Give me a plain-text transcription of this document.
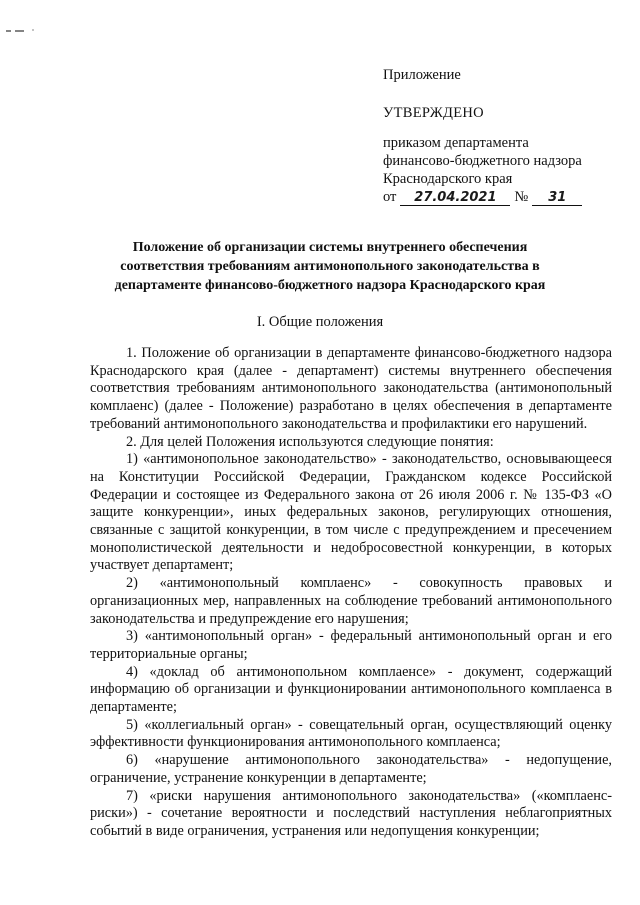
Приложение
УТВЕРЖДЕНО
приказом департамента
финансово-бюджетного надзора
Краснодарского края
от	27.04.2021	№	31
Положение об организации системы внутреннего обеспечения
соответствия требованиям антимонопольного законодательства в
департаменте финансово-бюджетного надзора Краснодарского края
I. Общие положения

1. Положение об организации в департаменте финансово-бюджетного надзора Краснодарского края (далее - департамент) системы внутреннего обеспечения соответствия требованиям антимонопольного законодательства (антимонопольный комплаенс) (далее - Положение) разработано в целях обеспечения в департаменте требований антимонопольного законодательства и профилактики его нарушений.

2. Для целей Положения используются следующие понятия:

1) «антимонопольное законодательство» - законодательство, основывающееся на Конституции Российской Федерации, Гражданском кодексе Российской Федерации и состоящее из Федерального закона от 26 июля 2006 г. № 135-ФЗ «О защите конкуренции», иных федеральных законов, регулирующих отношения, связанные с защитой конкуренции, в том числе с предупреждением и пресечением монополистической деятельности и недобросовестной конкуренции, в которых участвует департамент;

2) «антимонопольный комплаенс» - совокупность правовых и организационных мер, направленных на соблюдение требований антимонопольного законодательства и предупреждение его нарушения;

3) «антимонопольный орган» - федеральный антимонопольный орган и его территориальные органы;

4) «доклад об антимонопольном комплаенсе» - документ, содержащий информацию об организации и функционировании антимонопольного комплаенса в департаменте;

5) «коллегиальный орган» - совещательный орган, осуществляющий оценку эффективности функционирования антимонопольного комплаенса;

6) «нарушение антимонопольного законодательства» - недопущение, ограничение, устранение конкуренции в департаменте;

7) «риски нарушения антимонопольного законодательства» («комплаенс-риски») - сочетание вероятности и последствий наступления неблагоприятных событий в виде ограничения, устранения или недопущения конкуренции;
